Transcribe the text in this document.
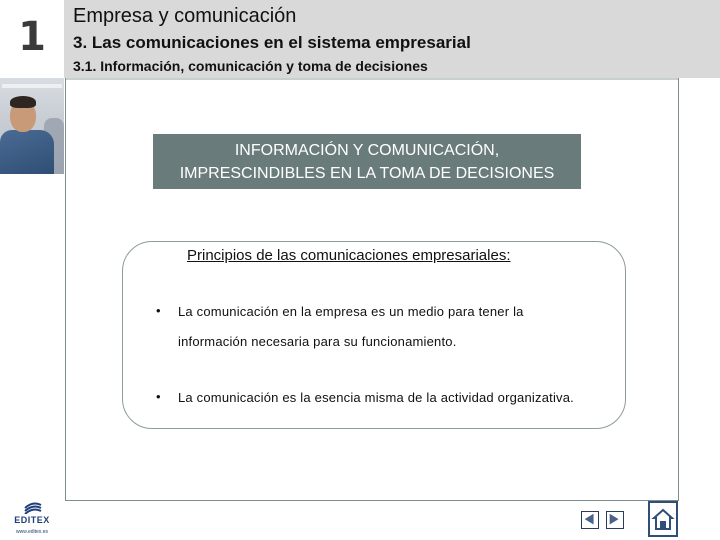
1	Empresa y comunicación
3. Las comunicaciones en el sistema empresarial
3.1. Información, comunicación y toma de decisiones
INFORMACIÓN Y COMUNICACIÓN,
IMPRESCINDIBLES EN LA TOMA DE DECISIONES
Principios de las comunicaciones empresariales:
• La comunicación en la empresa es un medio para tener la
información necesaria para su funcionamiento.
• La comunicación es la esencia misma de la actividad organizativa.
EDITEX
www.editex.es
